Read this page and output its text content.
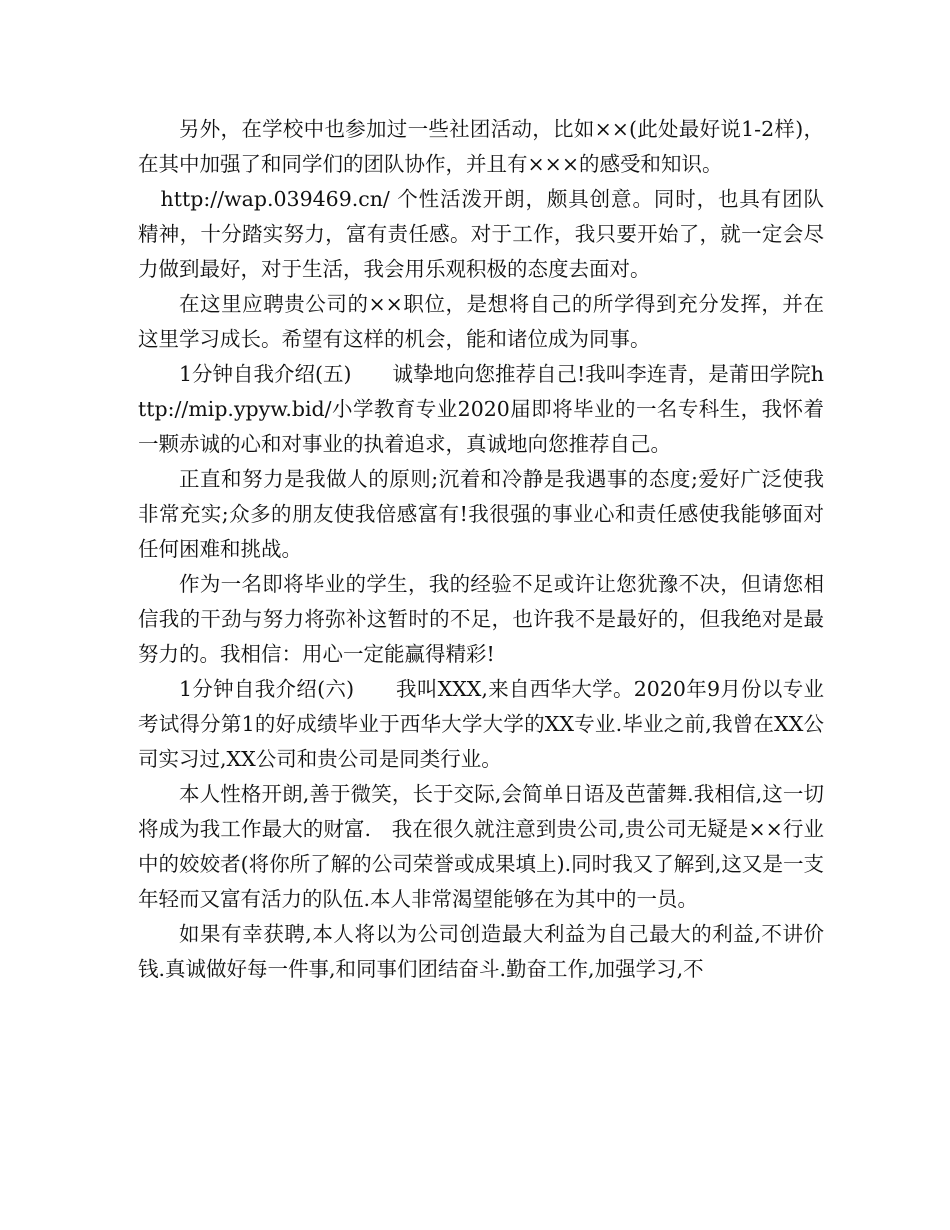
另外，在学校中也参加过一些社团活动，比如××(此处最好说1-2样)，在其中加强了和同学们的团队协作，并且有×××的感受和知识。

http://wap.039469.cn/ 个性活泼开朗，颇具创意。同时，也具有团队精神，十分踏实努力，富有责任感。对于工作，我只要开始了，就一定会尽力做到最好，对于生活，我会用乐观积极的态度去面对。

在这里应聘贵公司的××职位，是想将自己的所学得到充分发挥，并在这里学习成长。希望有这样的机会，能和诸位成为同事。

1分钟自我介绍(五)　　诚挚地向您推荐自己!我叫李连青，是莆田学院http://mip.ypyw.bid/小学教育专业2020届即将毕业的一名专科生，我怀着一颗赤诚的心和对事业的执着追求，真诚地向您推荐自己。

正直和努力是我做人的原则;沉着和冷静是我遇事的态度;爱好广泛使我非常充实;众多的朋友使我倍感富有!我很强的事业心和责任感使我能够面对任何困难和挑战。

作为一名即将毕业的学生，我的经验不足或许让您犹豫不决，但请您相信我的干劲与努力将弥补这暂时的不足，也许我不是最好的，但我绝对是最努力的。我相信：用心一定能赢得精彩!

1分钟自我介绍(六)　　我叫XXX,来自西华大学。2020年9月份以专业考试得分第1的好成绩毕业于西华大学大学的XX专业.毕业之前,我曾在XX公司实习过,XX公司和贵公司是同类行业。

本人性格开朗,善于微笑，长于交际,会简单日语及芭蕾舞.我相信,这一切将成为我工作最大的财富.　我在很久就注意到贵公司,贵公司无疑是××行业中的姣姣者(将你所了解的公司荣誉或成果填上).同时我又了解到,这又是一支年轻而又富有活力的队伍.本人非常渴望能够在为其中的一员。

如果有幸获聘,本人将以为公司创造最大利益为自己最大的利益,不讲价钱.真诚做好每一件事,和同事们团结奋斗.勤奋工作,加强学习,不
